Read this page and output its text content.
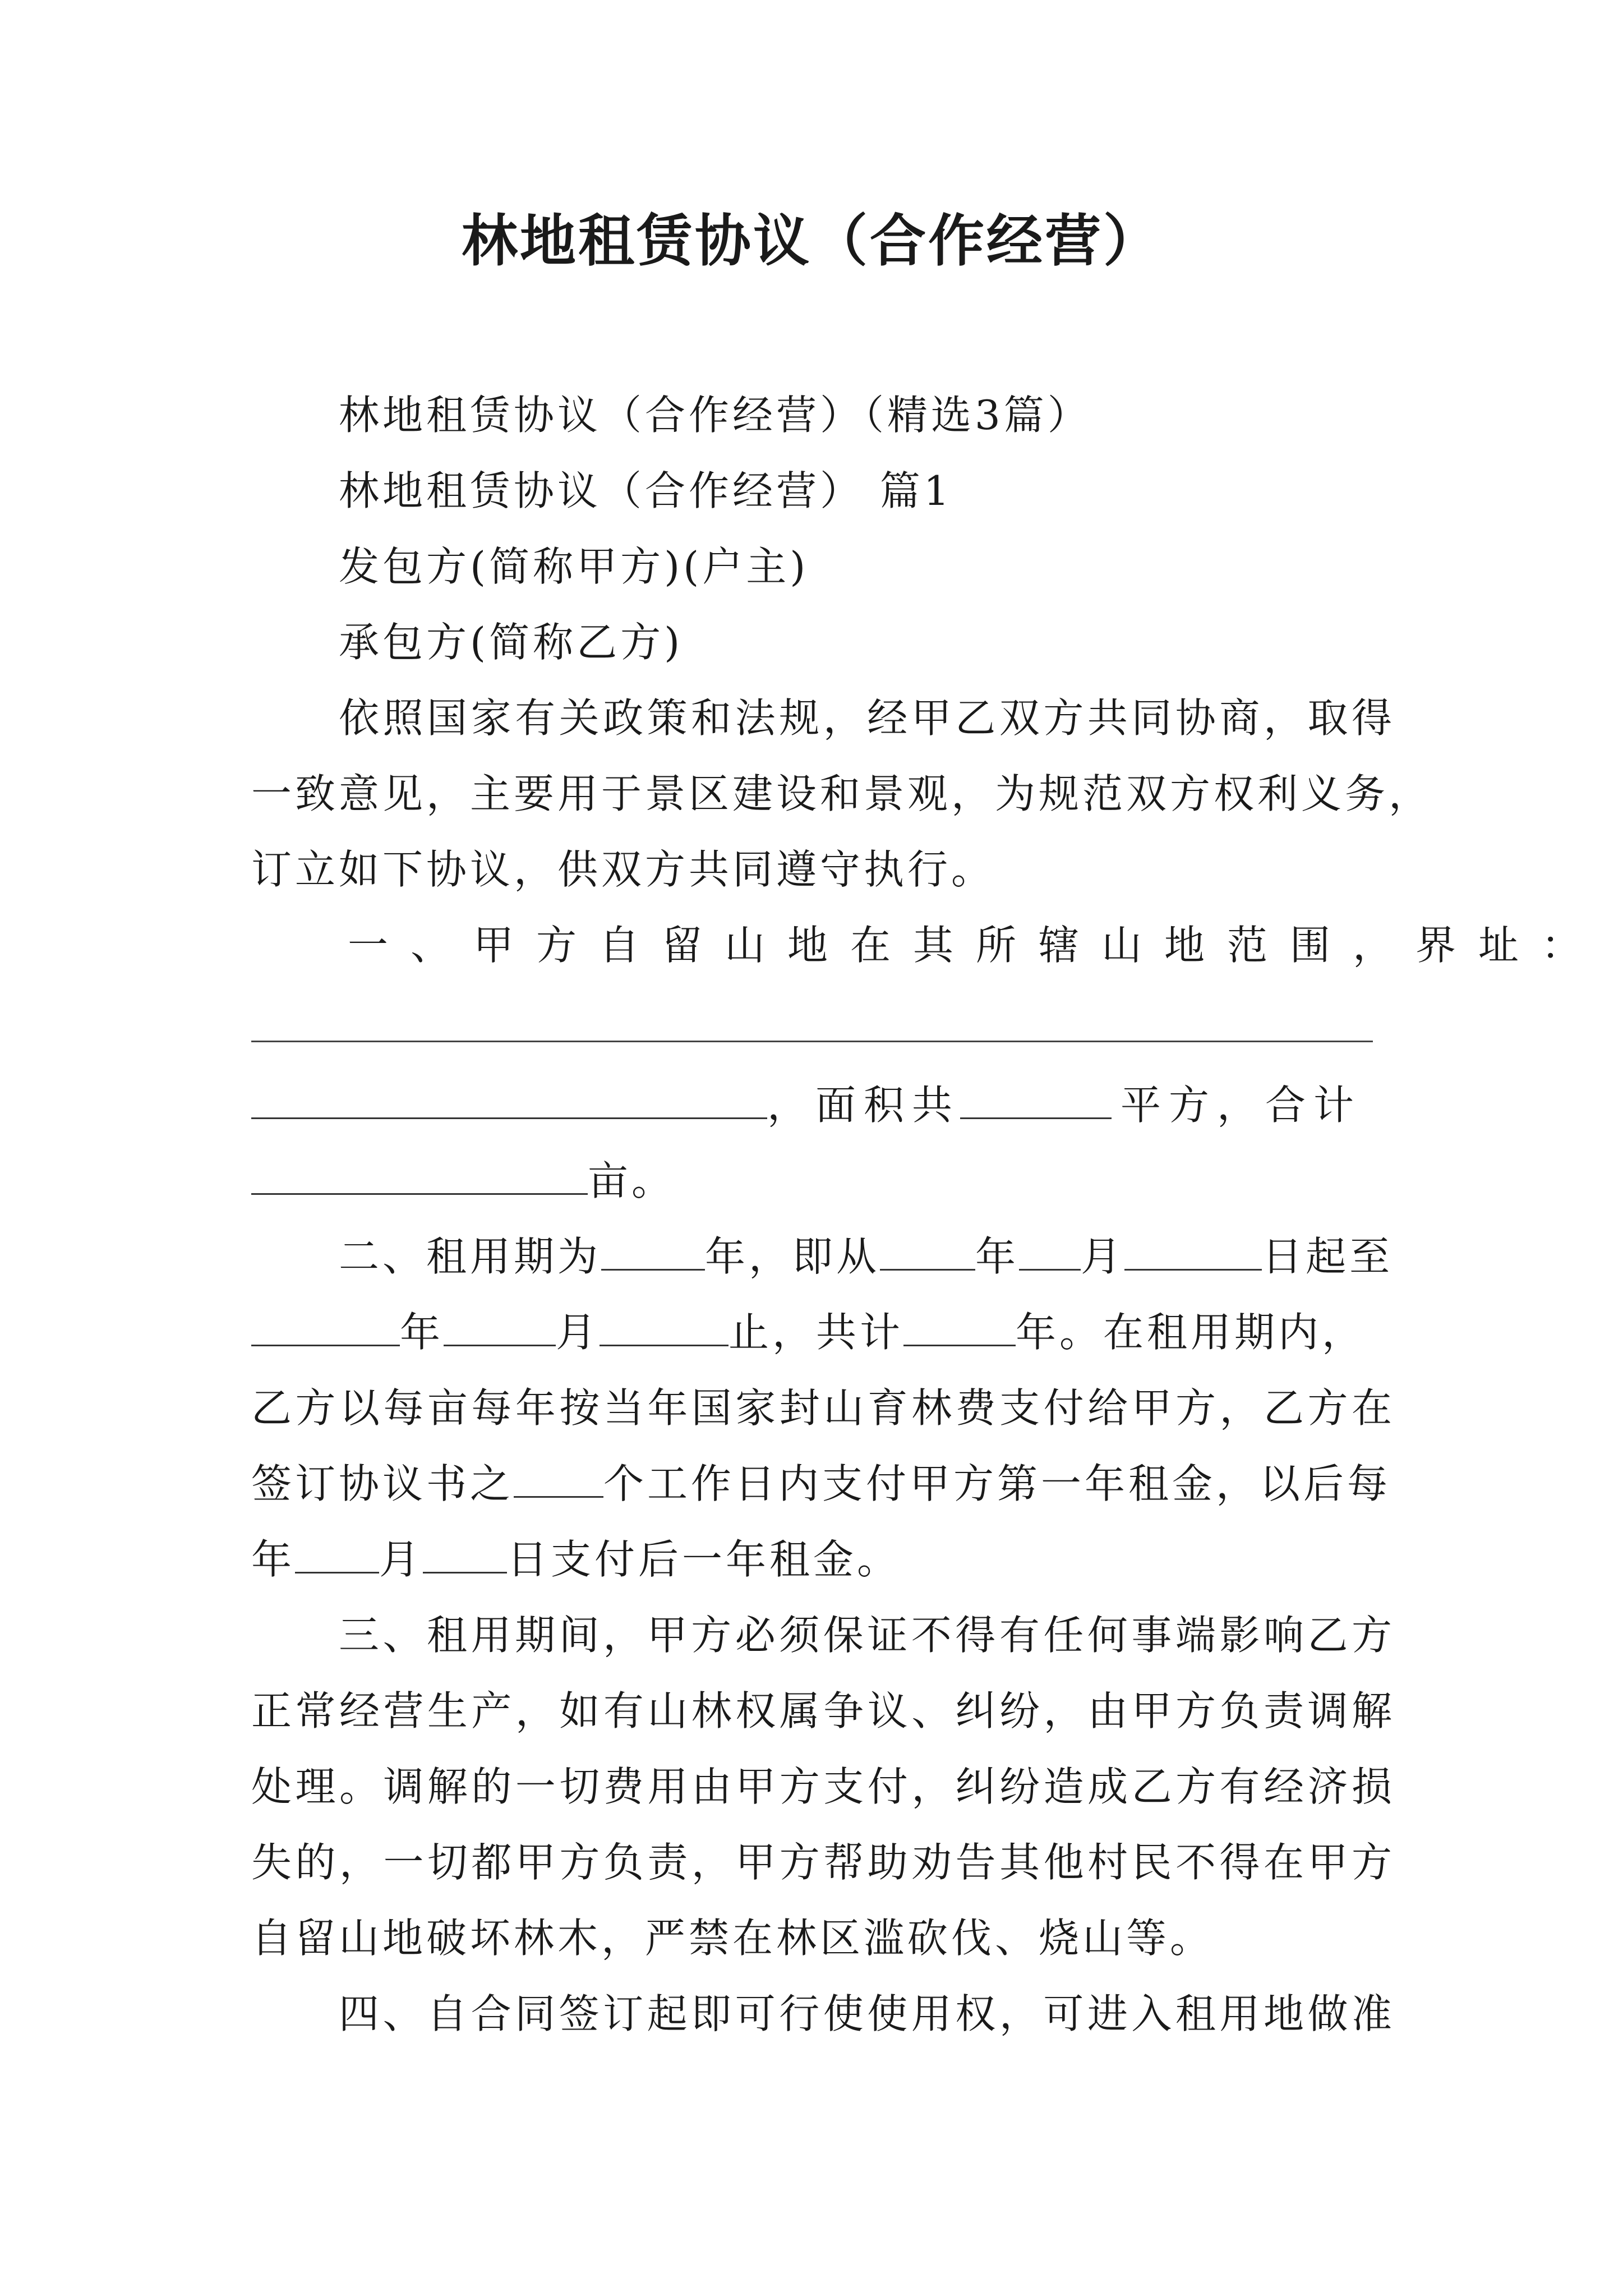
林地租赁协议（合作经营）
林地租赁协议（合作经营）（精选3篇）
林地租赁协议（合作经营） 篇1
发包方(简称甲方)(户主)
承包方(简称乙方)
依照国家有关政策和法规，经甲乙双方共同协商，取得
一致意见，主要用于景区建设和景观，为规范双方权利义务，
订立如下协议，供双方共同遵守执行。
一、甲方自留山地在其所辖山地范围，界址：
，面积共	平方，合计
亩。
二、租用期为	年，即从 年 月	日起至
年	月	止，共计	年。在租用期内，
乙方以每亩每年按当年国家封山育林费支付给甲方，乙方在
签订协议书之 个工作日内支付甲方第一年租金，以后每
年 月 日支付后一年租金。
三、租用期间，甲方必须保证不得有任何事端影响乙方
正常经营生产，如有山林权属争议、纠纷，由甲方负责调解
处理。调解的一切费用由甲方支付，纠纷造成乙方有经济损
失的，一切都甲方负责，甲方帮助劝告其他村民不得在甲方
自留山地破坏林木，严禁在林区滥砍伐、烧山等。
四、自合同签订起即可行使使用权，可进入租用地做准
